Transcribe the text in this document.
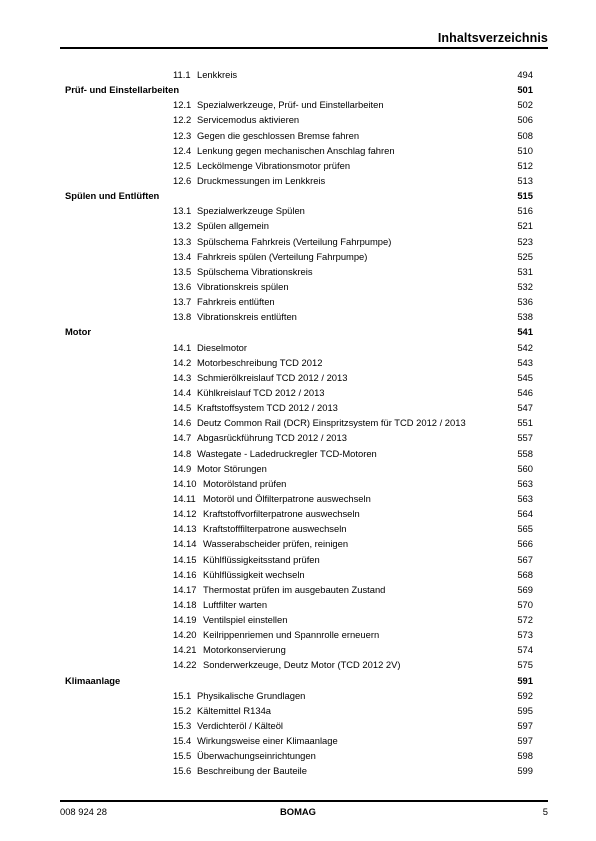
Inhaltsverzeichnis
11.1 Lenkkreis	494
Prüf- und Einstellarbeiten	501
12.1 Spezialwerkzeuge, Prüf- und Einstellarbeiten	502
12.2 Servicemodus aktivieren	506
12.3 Gegen die geschlossen Bremse fahren	508
12.4 Lenkung gegen mechanischen Anschlag fahren	510
12.5 Leckölmenge Vibrationsmotor prüfen	512
12.6 Druckmessungen im Lenkkreis	513
Spülen und Entlüften	515
13.1 Spezialwerkzeuge Spülen	516
13.2 Spülen allgemein	521
13.3 Spülschema Fahrkreis (Verteilung Fahrpumpe)	523
13.4 Fahrkreis spülen (Verteilung Fahrpumpe)	525
13.5 Spülschema Vibrationskreis	531
13.6 Vibrationskreis spülen	532
13.7 Fahrkreis entlüften	536
13.8 Vibrationskreis entlüften	538
Motor	541
14.1 Dieselmotor	542
14.2 Motorbeschreibung TCD 2012	543
14.3 Schmierölkreislauf TCD 2012 / 2013	545
14.4 Kühlkreislauf TCD 2012 / 2013	546
14.5 Kraftstoffsystem TCD 2012 / 2013	547
14.6 Deutz Common Rail (DCR) Einspritzsystem für TCD 2012 / 2013	551
14.7 Abgasrückführung TCD 2012 / 2013	557
14.8 Wastegate - Ladedruckregler TCD-Motoren	558
14.9 Motor Störungen	560
14.10 Motorölstand prüfen	563
14.11 Motoröl und Ölfilterpatrone auswechseln	563
14.12 Kraftstoffvorfilterpatrone auswechseln	564
14.13 Kraftstofffilterpatrone auswechseln	565
14.14 Wasserabscheider prüfen, reinigen	566
14.15 Kühlflüssigkeitsstand prüfen	567
14.16 Kühlflüssigkeit wechseln	568
14.17 Thermostat prüfen im ausgebauten Zustand	569
14.18 Luftfilter warten	570
14.19 Ventilspiel einstellen	572
14.20 Keilrippenriemen und Spannrolle erneuern	573
14.21 Motorkonservierung	574
14.22 Sonderwerkzeuge, Deutz Motor (TCD 2012 2V)	575
Klimaanlage	591
15.1 Physikalische Grundlagen	592
15.2 Kältemittel R134a	595
15.3 Verdichteröl / Kälteöl	597
15.4 Wirkungsweise einer Klimaanlage	597
15.5 Überwachungseinrichtungen	598
15.6 Beschreibung der Bauteile	599
008 924 28	BOMAG	5
